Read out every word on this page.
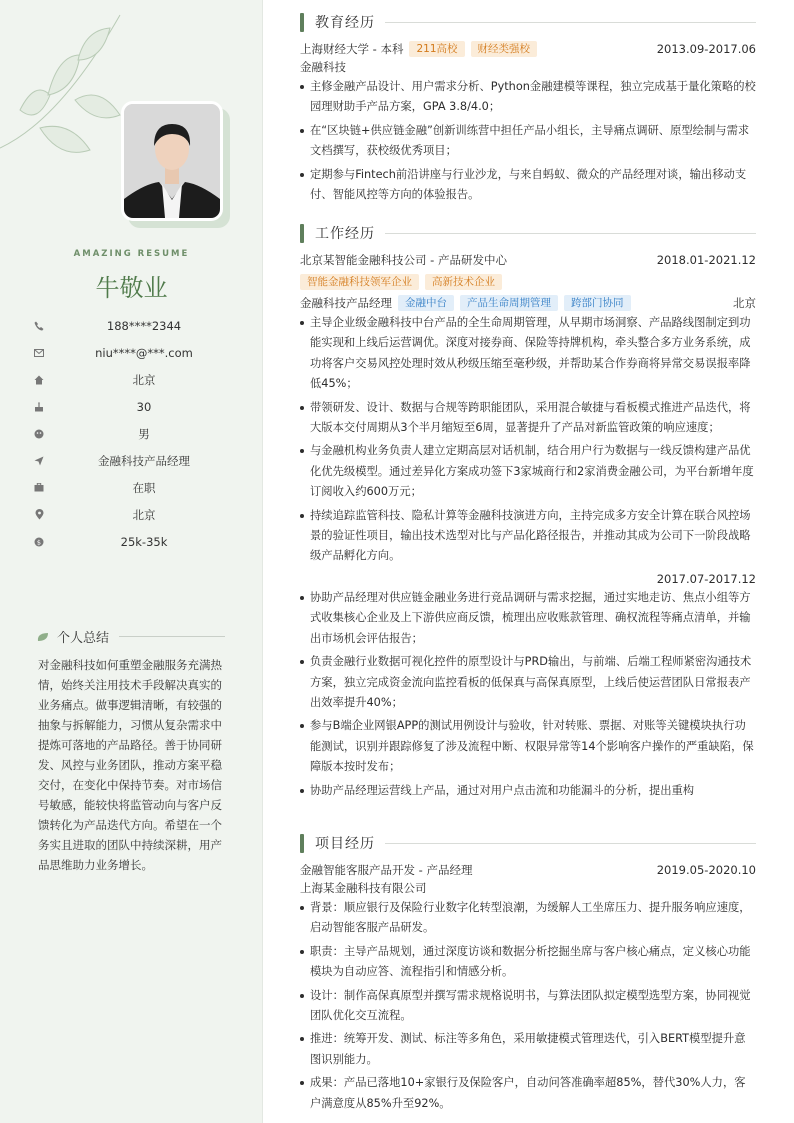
AMAZING RESUME
牛敬业
188****2344
niu****@***.com
北京
30
男
金融科技产品经理
在职
北京
$	25k-35k
个人总结
对金融科技如何重塑金融服务充满热情，始终关注用技术手段解决真实的业务痛点。做事逻辑清晰，有较强的抽象与拆解能力，习惯从复杂需求中提炼可落地的产品路径。善于协同研发、风控与业务团队，推动方案平稳交付，在变化中保持节奏。对市场信号敏感，能较快将监管动向与客户反馈转化为产品迭代方向。希望在一个务实且进取的团队中持续深耕，用产品思维助力业务增长。
教育经历
上海财经大学 - 本科	211高校	财经类强校	2013.09-2017.06
金融科技
主修金融产品设计、用户需求分析、Python金融建模等课程，独立完成基于量化策略的校园理财助手产品方案，GPA 3.8/4.0；
在“区块链+供应链金融”创新训练营中担任产品小组长，主导痛点调研、原型绘制与需求文档撰写，获校级优秀项目；
定期参与Fintech前沿讲座与行业沙龙，与来自蚂蚁、微众的产品经理对谈，输出移动支付、智能风控等方向的体验报告。
工作经历
北京某智能金融科技公司 - 产品研发中心	2018.01-2021.12
智能金融科技领军企业	高新技术企业
金融科技产品经理	金融中台	产品生命周期管理	跨部门协同	北京
主导企业级金融科技中台产品的全生命周期管理，从早期市场洞察、产品路线图制定到功能实现和上线后运营调优。深度对接券商、保险等持牌机构，牵头整合多方业务系统，成功将客户交易风控处理时效从秒级压缩至毫秒级，并帮助某合作券商将异常交易误报率降低45%；
带领研发、设计、数据与合规等跨职能团队，采用混合敏捷与看板模式推进产品迭代，将大版本交付周期从3个半月缩短至6周，显著提升了产品对新监管政策的响应速度；
与金融机构业务负责人建立定期高层对话机制，结合用户行为数据与一线反馈构建产品优化优先级模型。通过差异化方案成功签下3家城商行和2家消费金融公司，为平台新增年度订阅收入约600万元；
持续追踪监管科技、隐私计算等金融科技演进方向，主持完成多方安全计算在联合风控场景的验证性项目，输出技术选型对比与产品化路径报告，并推动其成为公司下一阶段战略级产品孵化方向。
2017.07-2017.12
协助产品经理对供应链金融业务进行竞品调研与需求挖掘，通过实地走访、焦点小组等方式收集核心企业及上下游供应商反馈，梳理出应收账款管理、确权流程等痛点清单，并输出市场机会评估报告；
负责金融行业数据可视化控件的原型设计与PRD输出，与前端、后端工程师紧密沟通技术方案，独立完成资金流向监控看板的低保真与高保真原型，上线后使运营团队日常报表产出效率提升40%；
参与B端企业网银APP的测试用例设计与验收，针对转账、票据、对账等关键模块执行功能测试，识别并跟踪修复了涉及流程中断、权限异常等14个影响客户操作的严重缺陷，保障版本按时发布；
协助产品经理运营线上产品，通过对用户点击流和功能漏斗的分析，提出重构
项目经历
金融智能客服产品开发 - 产品经理	2019.05-2020.10
上海某金融科技有限公司
背景：顺应银行及保险行业数字化转型浪潮，为缓解人工坐席压力、提升服务响应速度，启动智能客服产品研发。
职责：主导产品规划，通过深度访谈和数据分析挖掘坐席与客户核心痛点，定义核心功能模块为自动应答、流程指引和情感分析。
设计：制作高保真原型并撰写需求规格说明书，与算法团队拟定模型选型方案，协同视觉团队优化交互流程。
推进：统筹开发、测试、标注等多角色，采用敏捷模式管理迭代，引入BERT模型提升意图识别能力。
成果：产品已落地10+家银行及保险客户，自动问答准确率超85%，替代30%人力，客户满意度从85%升至92%。
